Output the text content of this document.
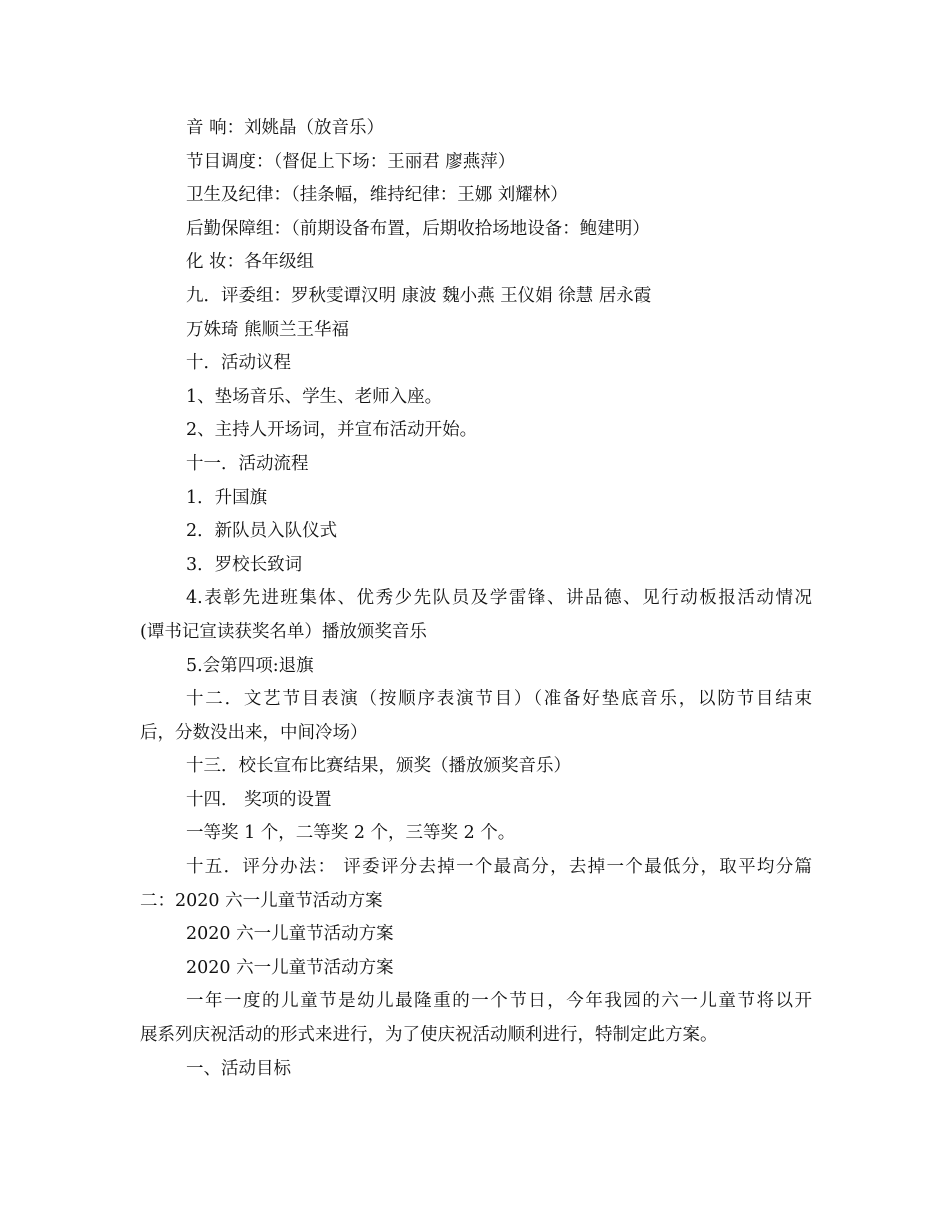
音 响：刘姚晶（放音乐）
节目调度：（督促上下场：王丽君 廖燕萍）
卫生及纪律：（挂条幅，维持纪律：王娜 刘耀林）
后勤保障组：（前期设备布置，后期收拾场地设备：鲍建明）
化 妆：各年级组
九．评委组：罗秋雯谭汉明 康波 魏小燕 王仪娟 徐慧 居永霞
万姝琦 熊顺兰王华福
十．活动议程
1、垫场音乐、学生、老师入座。
2、主持人开场词，并宣布活动开始。
十一．活动流程
1．升国旗
2．新队员入队仪式
3．罗校长致词
4.表彰先进班集体、优秀少先队员及学雷锋、讲品德、见行动板报活动情况
(谭书记宣读获奖名单）播放颁奖音乐
5.会第四项:退旗
十二．文艺节目表演（按顺序表演节目）（准备好垫底音乐，以防节目结束
后，分数没出来，中间冷场）
十三．校长宣布比赛结果，颁奖（播放颁奖音乐）
十四． 奖项的设置
一等奖 1 个，二等奖 2 个，三等奖 2 个。
十五．评分办法： 评委评分去掉一个最高分，去掉一个最低分，取平均分篇
二：2020 六一儿童节活动方案
2020 六一儿童节活动方案
2020 六一儿童节活动方案
一年一度的儿童节是幼儿最隆重的一个节日，今年我园的六一儿童节将以开
展系列庆祝活动的形式来进行，为了使庆祝活动顺利进行，特制定此方案。
一、活动目标
